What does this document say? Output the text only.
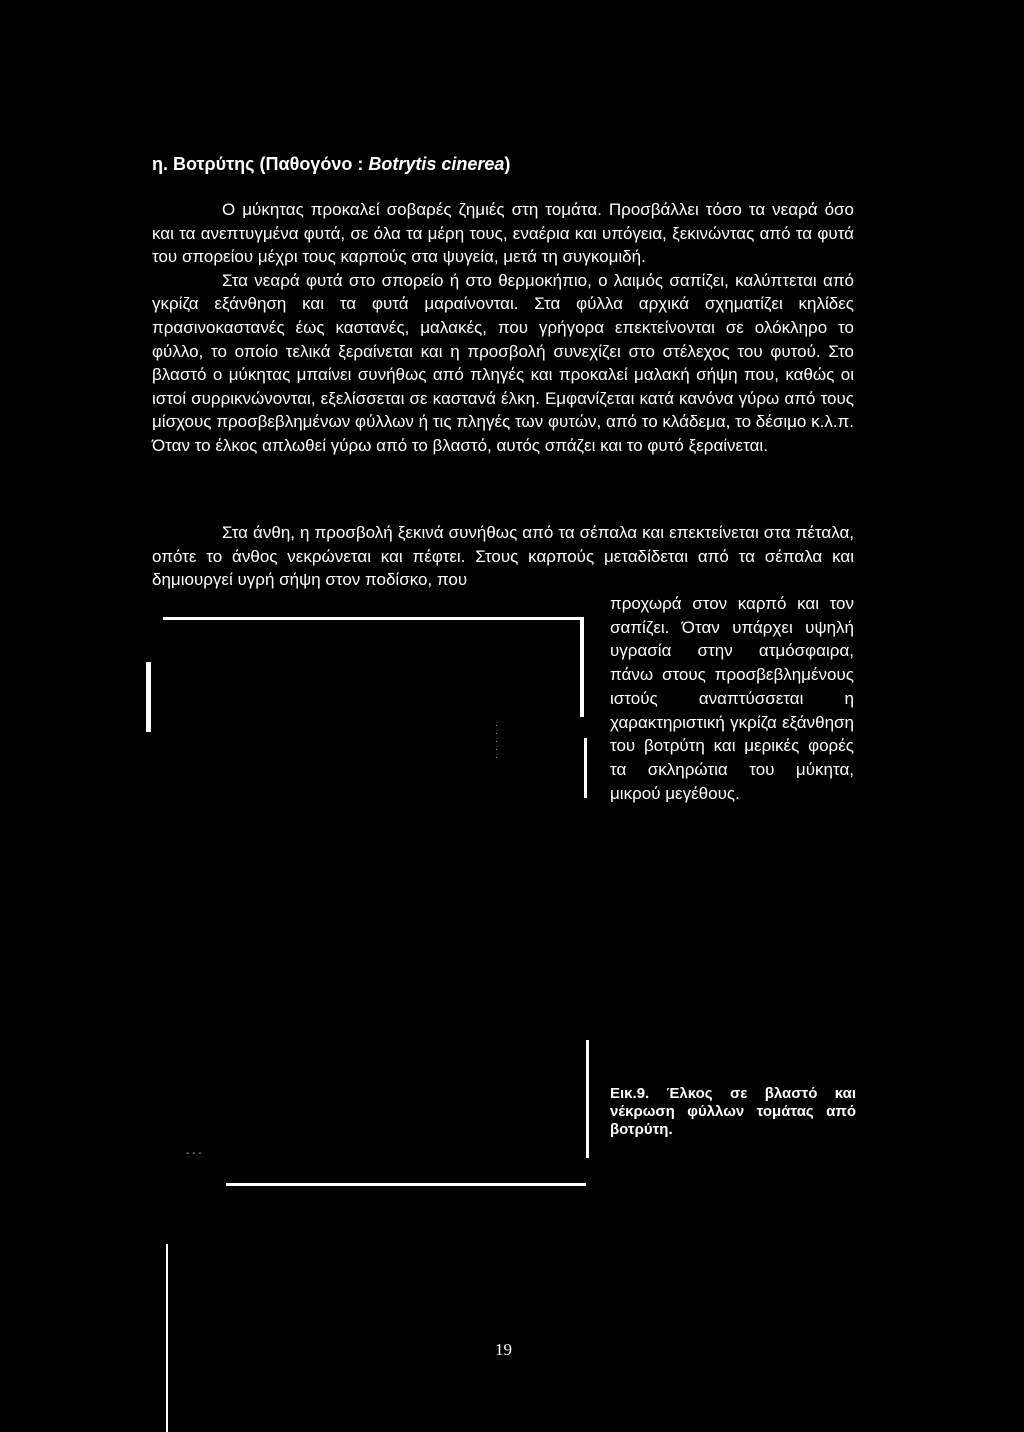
η. Βοτρύτης (Παθογόνο : Botrytis cinerea)

Ο μύκητας προκαλεί σοβαρές ζημιές στη τομάτα. Προσβάλλει τόσο τα νεαρά όσο και τα ανεπτυγμένα φυτά, σε όλα τα μέρη τους, εναέρια και υπόγεια, ξεκινώντας από τα φυτά του σπορείου μέχρι τους καρπούς στα ψυγεία, μετά τη συγκομιδή.

Στα νεαρά φυτά στο σπορείο ή στο θερμοκήπιο, ο λαιμός σαπίζει, καλύπτεται από γκρίζα εξάνθηση και τα φυτά μαραίνονται. Στα φύλλα αρχικά σχηματίζει κηλίδες πρασινοκαστανές έως καστανές, μαλακές, που γρήγορα επεκτείνονται σε ολόκληρο το φύλλο, το οποίο τελικά ξεραίνεται και η προσβολή συνεχίζει στο στέλεχος του φυτού. Στο βλαστό ο μύκητας μπαίνει συνήθως από πληγές και προκαλεί μαλακή σήψη που, καθώς οι ιστοί συρρικνώνονται, εξελίσσεται σε καστανά έλκη. Εμφανίζεται κατά κανόνα γύρω από τους μίσχους προσβεβλημένων φύλλων ή τις πληγές των φυτών, από το κλάδεμα, το δέσιμο κ.λ.π. Όταν το έλκος απλωθεί γύρω από το βλαστό, αυτός σπάζει και το φυτό ξεραίνεται.

Στα άνθη, η προσβολή ξεκινά συνήθως από τα σέπαλα και επεκτείνεται στα πέταλα, οπότε το άνθος νεκρώνεται και πέφτει. Στους καρπούς μεταδίδεται από τα σέπαλα και δημιουργεί υγρή σήψη στον ποδίσκο, που

προχωρά στον καρπό και τον σαπίζει. Όταν υπάρχει υψηλή υγρασία στην ατμόσφαιρα, πάνω στους προσβεβλημένους ιστούς αναπτύσσεται η χαρακτηριστική γκρίζα εξάνθηση του βοτρύτη και μερικές φορές τα σκληρώτια του μύκητα, μικρού μεγέθους.
·
·
·
·
·
- - -
Εικ.9. Έλκος σε βλαστό και νέκρωση φύλλων τομάτας από βοτρύτη.
19
